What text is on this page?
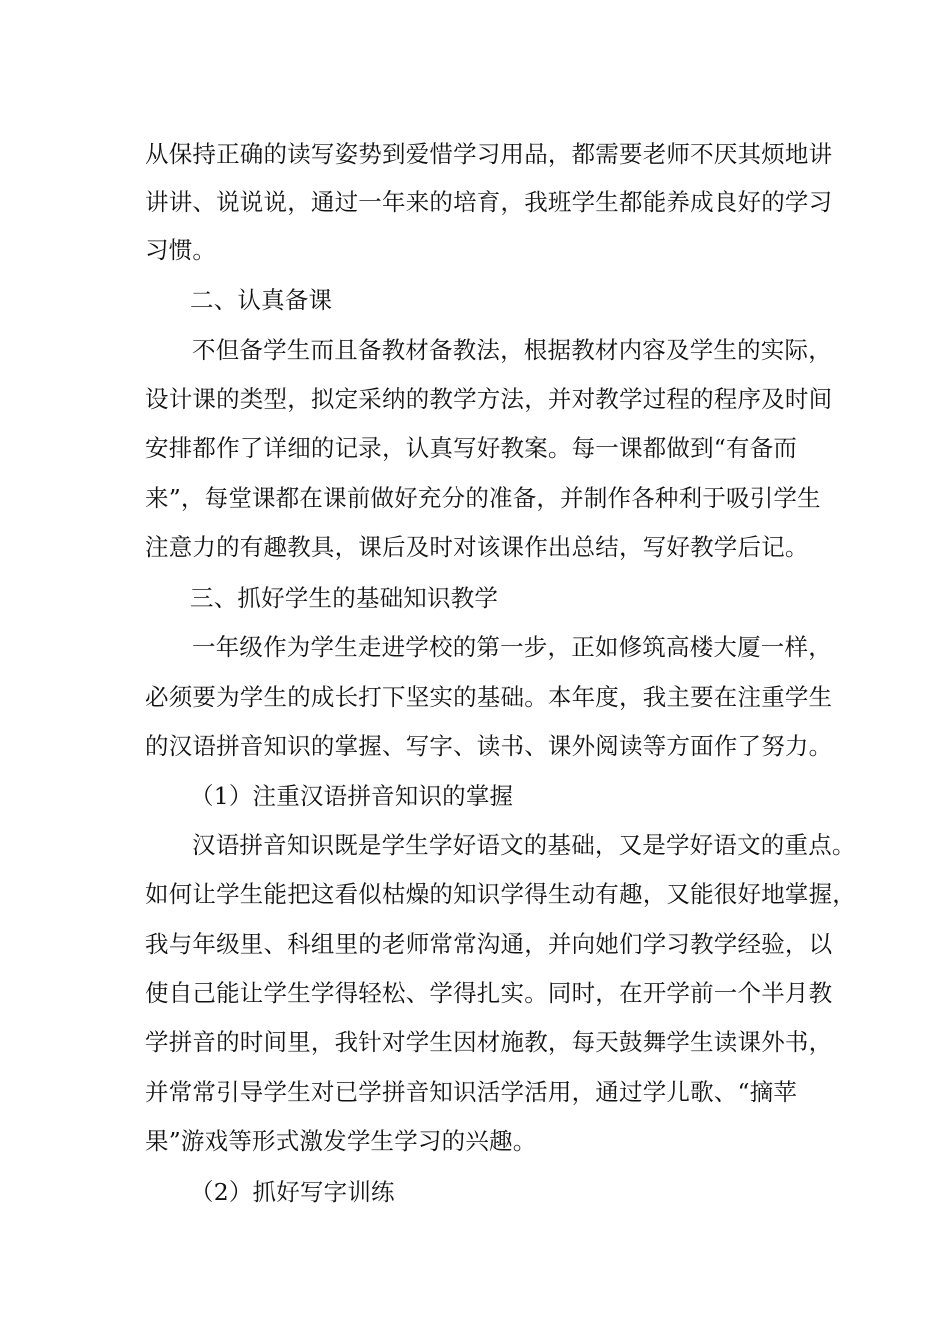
从保持正确的读写姿势到爱惜学习用品，都需要老师不厌其烦地讲
讲讲、说说说，通过一年来的培育，我班学生都能养成良好的学习
习惯。
二、认真备课
不但备学生而且备教材备教法，根据教材内容及学生的实际，
设计课的类型，拟定采纳的教学方法，并对教学过程的程序及时间
安排都作了详细的记录，认真写好教案。每一课都做到“有备而
来”，每堂课都在课前做好充分的准备，并制作各种利于吸引学生
注意力的有趣教具，课后及时对该课作出总结，写好教学后记。
三、抓好学生的基础知识教学
一年级作为学生走进学校的第一步，正如修筑高楼大厦一样，
必须要为学生的成长打下坚实的基础。本年度，我主要在注重学生
的汉语拼音知识的掌握、写字、读书、课外阅读等方面作了努力。
（1）注重汉语拼音知识的掌握
汉语拼音知识既是学生学好语文的基础，又是学好语文的重点。
如何让学生能把这看似枯燥的知识学得生动有趣，又能很好地掌握，
我与年级里、科组里的老师常常沟通，并向她们学习教学经验，以
使自己能让学生学得轻松、学得扎实。同时，在开学前一个半月教
学拼音的时间里，我针对学生因材施教，每天鼓舞学生读课外书，
并常常引导学生对已学拼音知识活学活用，通过学儿歌、“摘苹
果”游戏等形式激发学生学习的兴趣。
（2）抓好写字训练
